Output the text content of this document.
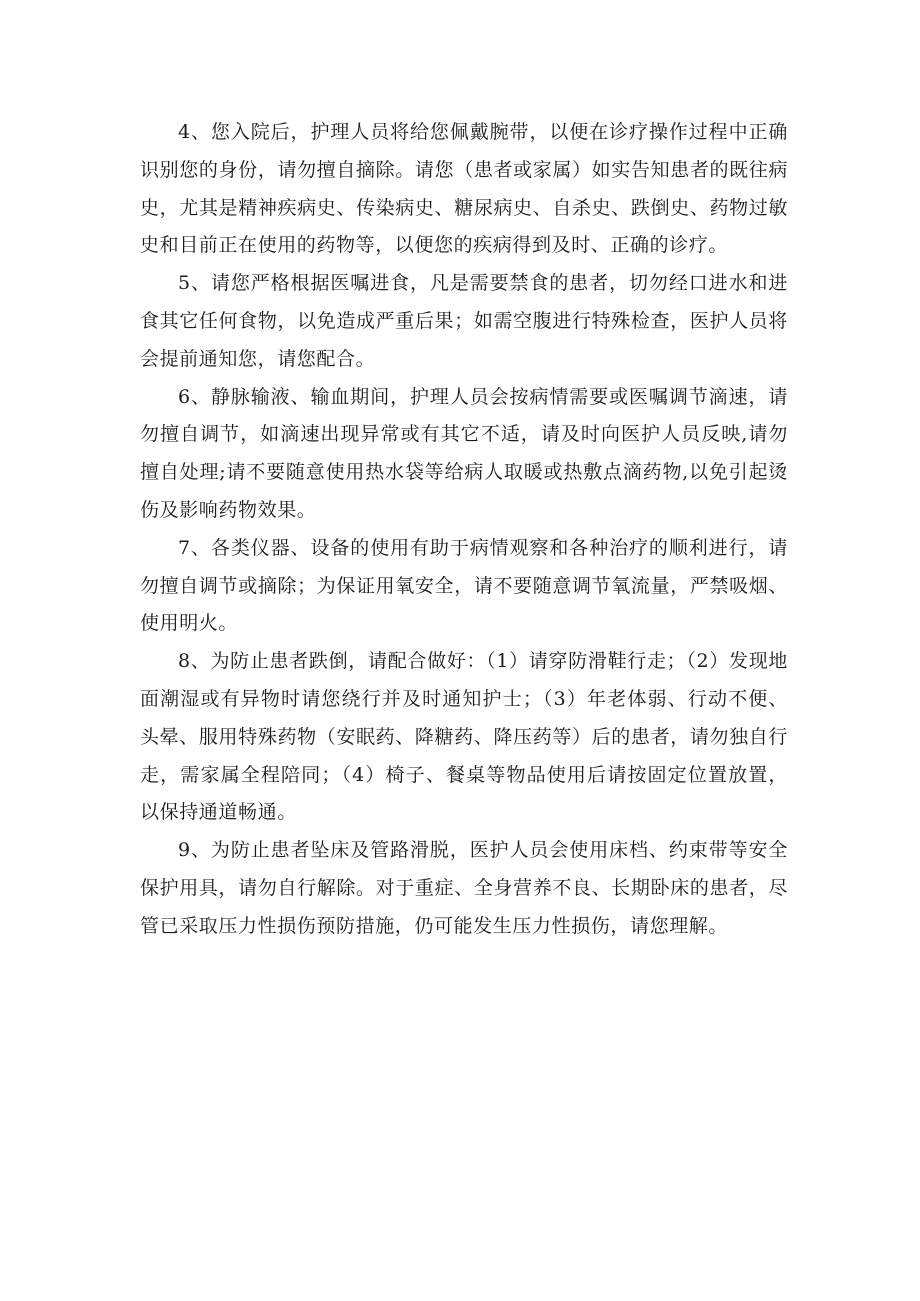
4、您入院后，护理人员将给您佩戴腕带，以便在诊疗操作过程中正确识别您的身份，请勿擅自摘除。请您（患者或家属）如实告知患者的既往病史，尤其是精神疾病史、传染病史、糖尿病史、自杀史、跌倒史、药物过敏史和目前正在使用的药物等，以便您的疾病得到及时、正确的诊疗。

5、请您严格根据医嘱进食，凡是需要禁食的患者，切勿经口进水和进食其它任何食物，以免造成严重后果；如需空腹进行特殊检查，医护人员将会提前通知您，请您配合。

6、静脉输液、输血期间，护理人员会按病情需要或医嘱调节滴速，请勿擅自调节，如滴速出现异常或有其它不适，请及时向医护人员反映,请勿擅自处理;请不要随意使用热水袋等给病人取暖或热敷点滴药物,以免引起烫伤及影响药物效果。

7、各类仪器、设备的使用有助于病情观察和各种治疗的顺利进行，请勿擅自调节或摘除；为保证用氧安全，请不要随意调节氧流量，严禁吸烟、使用明火。

8、为防止患者跌倒，请配合做好：（1）请穿防滑鞋行走；（2）发现地面潮湿或有异物时请您绕行并及时通知护士；（3）年老体弱、行动不便、头晕、服用特殊药物（安眠药、降糖药、降压药等）后的患者，请勿独自行走，需家属全程陪同；（4）椅子、餐桌等物品使用后请按固定位置放置，以保持通道畅通。

9、为防止患者坠床及管路滑脱，医护人员会使用床档、约束带等安全保护用具，请勿自行解除。对于重症、全身营养不良、长期卧床的患者，尽管已采取压力性损伤预防措施，仍可能发生压力性损伤，请您理解。
